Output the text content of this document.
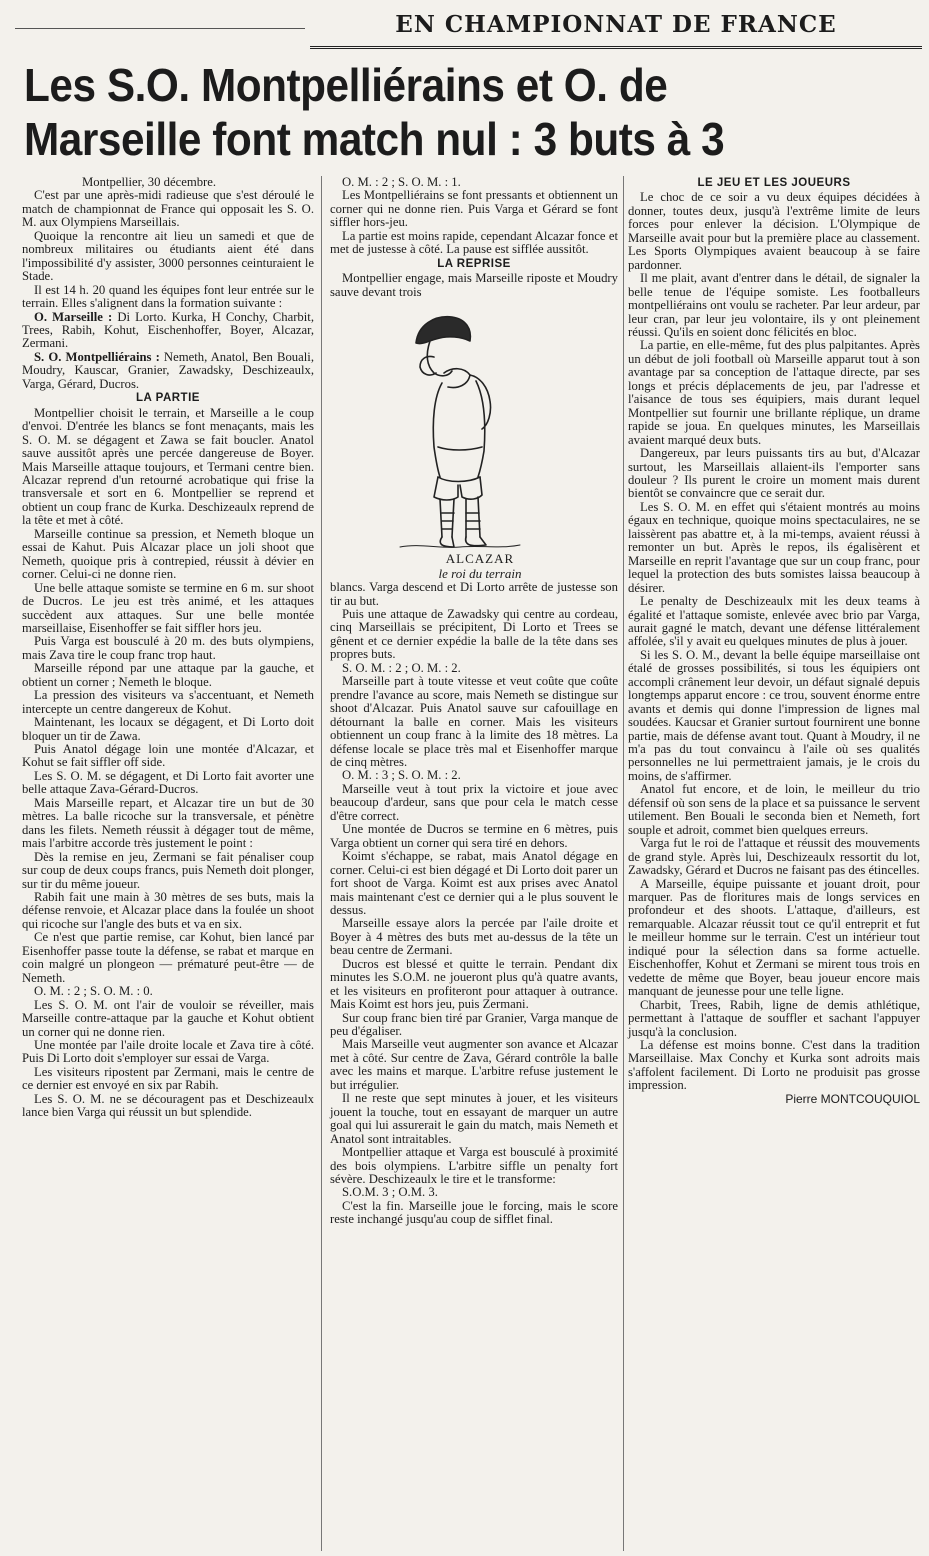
EN CHAMPIONNAT DE FRANCE
Les S.O. Montpelliérains et O. de Marseille font match nul : 3 buts à 3

Montpellier, 30 décembre.

C'est par une après-midi radieuse que s'est déroulé le match de championnat de France qui opposait les S. O. M. aux Olympiens Marseillais.

Quoique la rencontre ait lieu un samedi et que de nombreux militaires ou étudiants aient été dans l'impossibilité d'y assister, 3000 personnes ceinturaient le Stade.

Il est 14 h. 20 quand les équipes font leur entrée sur le terrain. Elles s'alignent dans la formation suivante :

O. Marseille : Di Lorto. Kurka, H Conchy, Charbit, Trees, Rabih, Kohut, Eischenhoffer, Boyer, Alcazar, Zermani.

S. O. Montpelliérains : Nemeth, Anatol, Ben Bouali, Moudry, Kauscar, Granier, Zawadsky, Deschizeaulx, Varga, Gérard, Ducros.

LA PARTIE

Montpellier choisit le terrain, et Marseille a le coup d'envoi. D'entrée les blancs se font menaçants, mais les S. O. M. se dégagent et Zawa se fait boucler. Anatol sauve aussitôt après une percée dangereuse de Boyer. Mais Marseille attaque toujours, et Termani centre bien. Alcazar reprend d'un retourné acrobatique qui frise la transversale et sort en 6. Montpellier se reprend et obtient un coup franc de Kurka. Deschizeaulx reprend de la tête et met à côté.

Marseille continue sa pression, et Nemeth bloque un essai de Kahut. Puis Alcazar place un joli shoot que Nemeth, quoique pris à contrepied, réussit à dévier en corner. Celui-ci ne donne rien.

Une belle attaque somiste se termine en 6 m. sur shoot de Ducros. Le jeu est très animé, et les attaques succèdent aux attaques. Sur une belle montée marseillaise, Eisenhoffer se fait siffler hors jeu.

Puis Varga est bousculé à 20 m. des buts olympiens, mais Zava tire le coup franc trop haut.

Marseille répond par une attaque par la gauche, et obtient un corner ; Nemeth le bloque.

La pression des visiteurs va s'accentuant, et Nemeth intercepte un centre dangereux de Kohut.

Maintenant, les locaux se dégagent, et Di Lorto doit bloquer un tir de Zawa.

Puis Anatol dégage loin une montée d'Alcazar, et Kohut se fait siffler off side.

Les S. O. M. se dégagent, et Di Lorto fait avorter une belle attaque Zava-Gérard-Ducros.

Mais Marseille repart, et Alcazar tire un but de 30 mètres. La balle ricoche sur la transversale, et pénètre dans les filets. Nemeth réussit à dégager tout de même, mais l'arbitre accorde très justement le point :

Dès la remise en jeu, Zermani se fait pénaliser coup sur coup de deux coups francs, puis Nemeth doit plonger, sur tir du même joueur.

Rabih fait une main à 30 mètres de ses buts, mais la défense renvoie, et Alcazar place dans la foulée un shoot qui ricoche sur l'angle des buts et va en six.

Ce n'est que partie remise, car Kohut, bien lancé par Eisenhoffer passe toute la défense, se rabat et marque en coin malgré un plongeon — prématuré peut-être — de Nemeth.

O. M. : 2 ; S. O. M. : 0.

Les S. O. M. ont l'air de vouloir se réveiller, mais Marseille contre-attaque par la gauche et Kohut obtient un corner qui ne donne rien.

Une montée par l'aile droite locale et Zava tire à côté. Puis Di Lorto doit s'employer sur essai de Varga.

Les visiteurs ripostent par Zermani, mais le centre de ce dernier est envoyé en six par Rabih.

Les S. O. M. ne se découragent pas et Deschizeaulx lance bien Varga qui réussit un but splendide.

O. M. : 2 ; S. O. M. : 1.

Les Montpelliérains se font pressants et obtiennent un corner qui ne donne rien. Puis Varga et Gérard se font siffler hors-jeu.

La partie est moins rapide, cependant Alcazar fonce et met de justesse à côté. La pause est sifflée aussitôt.

LA REPRISE

Montpellier engage, mais Marseille riposte et Moudry sauve devant trois

ALCAZAR

le roi du terrain

blancs. Varga descend et Di Lorto arrête de justesse son tir au but.

Puis une attaque de Zawadsky qui centre au cordeau, cinq Marseillais se précipitent, Di Lorto et Trees se gênent et ce dernier expédie la balle de la tête dans ses propres buts.

S. O. M. : 2 ; O. M. : 2.

Marseille part à toute vitesse et veut coûte que coûte prendre l'avance au score, mais Nemeth se distingue sur shoot d'Alcazar. Puis Anatol sauve sur cafouillage en détournant la balle en corner. Mais les visiteurs obtiennent un coup franc à la limite des 18 mètres. La défense locale se place très mal et Eisenhoffer marque de cinq mètres.

O. M. : 3 ; S. O. M. : 2.

Marseille veut à tout prix la victoire et joue avec beaucoup d'ardeur, sans que pour cela le match cesse d'être correct.

Une montée de Ducros se termine en 6 mètres, puis Varga obtient un corner qui sera tiré en dehors.

Koimt s'échappe, se rabat, mais Anatol dégage en corner. Celui-ci est bien dégagé et Di Lorto doit parer un fort shoot de Varga. Koimt est aux prises avec Anatol mais maintenant c'est ce dernier qui a le plus souvent le dessus.

Marseille essaye alors la percée par l'aile droite et Boyer à 4 mètres des buts met au-dessus de la tête un beau centre de Zermani.

Ducros est blessé et quitte le terrain. Pendant dix minutes les S.O.M. ne joueront plus qu'à quatre avants, et les visiteurs en profiteront pour attaquer à outrance. Mais Koimt est hors jeu, puis Zermani.

Sur coup franc bien tiré par Granier, Varga manque de peu d'égaliser.

Mais Marseille veut augmenter son avance et Alcazar met à côté. Sur centre de Zava, Gérard contrôle la balle avec les mains et marque. L'arbitre refuse justement le but irrégulier.

Il ne reste que sept minutes à jouer, et les visiteurs jouent la touche, tout en essayant de marquer un autre goal qui lui assurerait le gain du match, mais Nemeth et Anatol sont intraitables.

Montpellier attaque et Varga est bousculé à proximité des bois olympiens. L'arbitre siffle un penalty fort sévère. Deschizeaulx le tire et le transforme:

S.O.M. 3 ; O.M. 3.

C'est la fin. Marseille joue le forcing, mais le score reste inchangé jusqu'au coup de sifflet final.

LE JEU ET LES JOUEURS

Le choc de ce soir a vu deux équipes décidées à donner, toutes deux, jusqu'à l'extrême limite de leurs forces pour enlever la décision. L'Olympique de Marseille avait pour but la première place au classement. Les Sports Olympiques avaient beaucoup à se faire pardonner.

Il me plait, avant d'entrer dans le détail, de signaler la belle tenue de l'équipe somiste. Les footballeurs montpelliérains ont voulu se racheter. Par leur ardeur, par leur cran, par leur jeu volontaire, ils y ont pleinement réussi. Qu'ils en soient donc félicités en bloc.

La partie, en elle-même, fut des plus palpitantes. Après un début de joli football où Marseille apparut tout à son avantage par sa conception de l'attaque directe, par ses longs et précis déplacements de jeu, par l'adresse et l'aisance de tous ses équipiers, mais durant lequel Montpellier sut fournir une brillante réplique, un drame rapide se joua. En quelques minutes, les Marseillais avaient marqué deux buts.

Dangereux, par leurs puissants tirs au but, d'Alcazar surtout, les Marseillais allaient-ils l'emporter sans douleur ? Ils purent le croire un moment mais durent bientôt se convaincre que ce serait dur.

Les S. O. M. en effet qui s'étaient montrés au moins égaux en technique, quoique moins spectaculaires, ne se laissèrent pas abattre et, à la mi-temps, avaient réussi à remonter un but. Après le repos, ils égalisèrent et Marseille en reprit l'avantage que sur un coup franc, pour lequel la protection des buts somistes laissa beaucoup à désirer.

Le penalty de Deschizeaulx mit les deux teams à égalité et l'attaque somiste, enlevée avec brio par Varga, aurait gagné le match, devant une défense littéralement affolée, s'il y avait eu quelques minutes de plus à jouer.

Si les S. O. M., devant la belle équipe marseillaise ont étalé de grosses possibilités, si tous les équipiers ont accompli crânement leur devoir, un défaut signalé depuis longtemps apparut encore : ce trou, souvent énorme entre avants et demis qui donne l'impression de lignes mal soudées. Kaucsar et Granier surtout fournirent une bonne partie, mais de défense avant tout. Quant à Moudry, il ne m'a pas du tout convaincu à l'aile où ses qualités personnelles ne lui permettraient jamais, je le crois du moins, de s'affirmer.

Anatol fut encore, et de loin, le meilleur du trio défensif où son sens de la place et sa puissance le servent utilement. Ben Bouali le seconda bien et Nemeth, fort souple et adroit, commet bien quelques erreurs.

Varga fut le roi de l'attaque et réussit des mouvements de grand style. Après lui, Deschizeaulx ressortit du lot, Zawadsky, Gérard et Ducros ne faisant pas des étincelles.

A Marseille, équipe puissante et jouant droit, pour marquer. Pas de floritures mais de longs services en profondeur et des shoots. L'attaque, d'ailleurs, est remarquable. Alcazar réussit tout ce qu'il entreprit et fut le meilleur homme sur le terrain. C'est un intérieur tout indiqué pour la sélection dans sa forme actuelle. Eischenhoffer, Kohut et Zermani se mirent tous trois en vedette de même que Boyer, beau joueur encore mais manquant de jeunesse pour une telle ligne.

Charbit, Trees, Rabih, ligne de demis athlétique, permettant à l'attaque de souffler et sachant l'appuyer jusqu'à la conclusion.

La défense est moins bonne. C'est dans la tradition Marseillaise. Max Conchy et Kurka sont adroits mais s'affolent facilement. Di Lorto ne produisit pas grosse impression.

Pierre MONTCOUQUIOL
